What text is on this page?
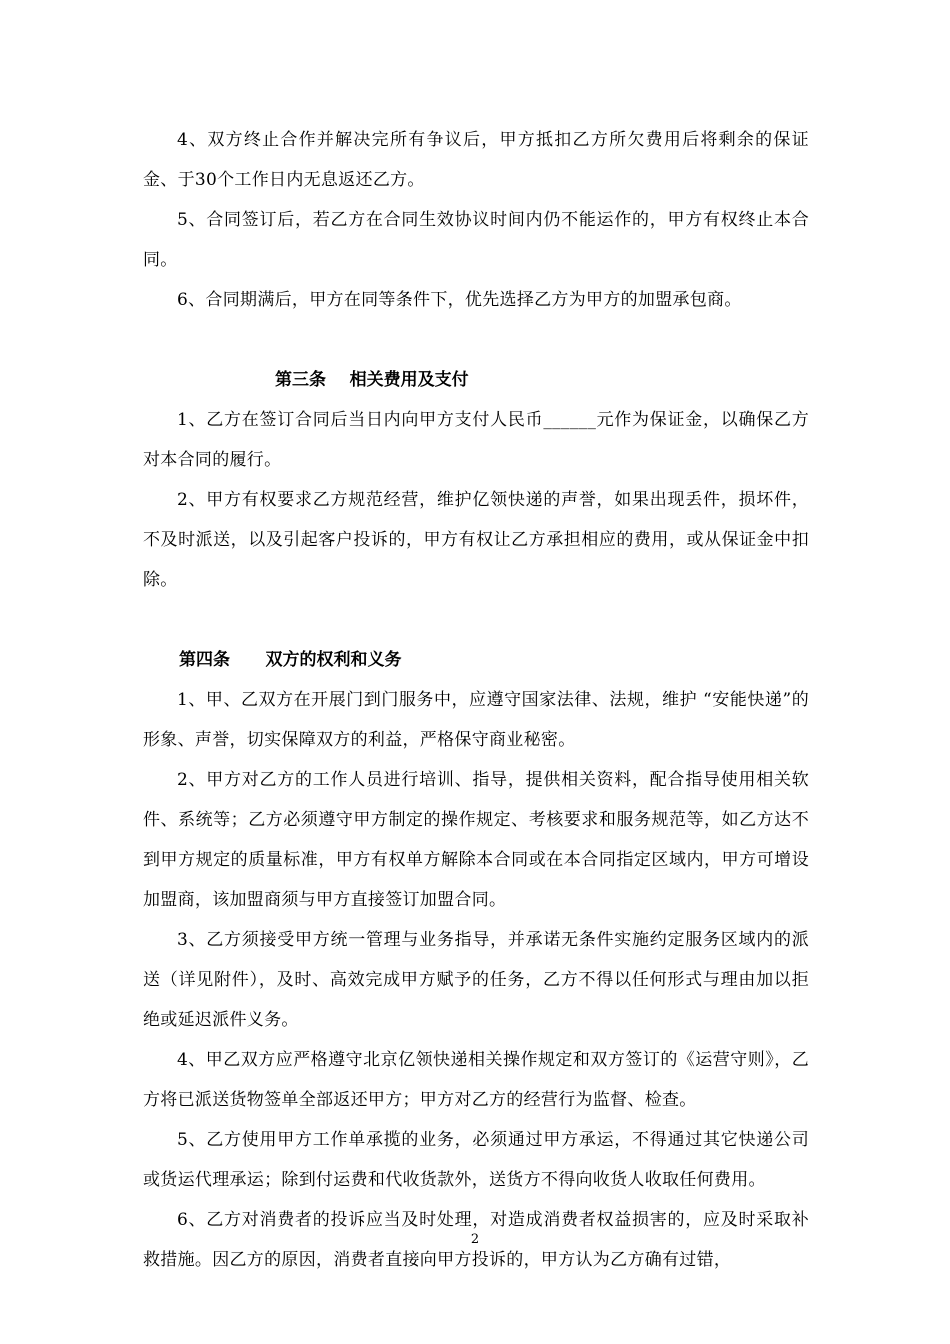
4、双方终止合作并解决完所有争议后，甲方抵扣乙方所欠费用后将剩余的保证金、于30个工作日内无息返还乙方。

5、合同签订后，若乙方在合同生效协议时间内仍不能运作的，甲方有权终止本合同。

6、合同期满后，甲方在同等条件下，优先选择乙方为甲方的加盟承包商。

第三条    相关费用及支付

1、乙方在签订合同后当日内向甲方支付人民币______元作为保证金，以确保乙方对本合同的履行。

2、甲方有权要求乙方规范经营，维护亿领快递的声誉，如果出现丢件，损坏件，不及时派送，以及引起客户投诉的，甲方有权让乙方承担相应的费用，或从保证金中扣除。

第四条      双方的权利和义务

1、甲、乙双方在开展门到门服务中，应遵守国家法律、法规，维护 “安能快递”的形象、声誉，切实保障双方的利益，严格保守商业秘密。

2、甲方对乙方的工作人员进行培训、指导，提供相关资料，配合指导使用相关软件、系统等；乙方必须遵守甲方制定的操作规定、考核要求和服务规范等，如乙方达不到甲方规定的质量标准，甲方有权单方解除本合同或在本合同指定区域内，甲方可增设加盟商，该加盟商须与甲方直接签订加盟合同。

3、乙方须接受甲方统一管理与业务指导，并承诺无条件实施约定服务区域内的派送（详见附件），及时、高效完成甲方赋予的任务，乙方不得以任何形式与理由加以拒绝或延迟派件义务。

4、甲乙双方应严格遵守北京亿领快递相关操作规定和双方签订的《运营守则》，乙方将已派送货物签单全部返还甲方；甲方对乙方的经营行为监督、检查。

5、乙方使用甲方工作单承揽的业务，必须通过甲方承运，不得通过其它快递公司或货运代理承运；除到付运费和代收货款外，送货方不得向收货人收取任何费用。

6、乙方对消费者的投诉应当及时处理，对造成消费者权益损害的，应及时采取补救措施。因乙方的原因，消费者直接向甲方投诉的，甲方认为乙方确有过错，

2
